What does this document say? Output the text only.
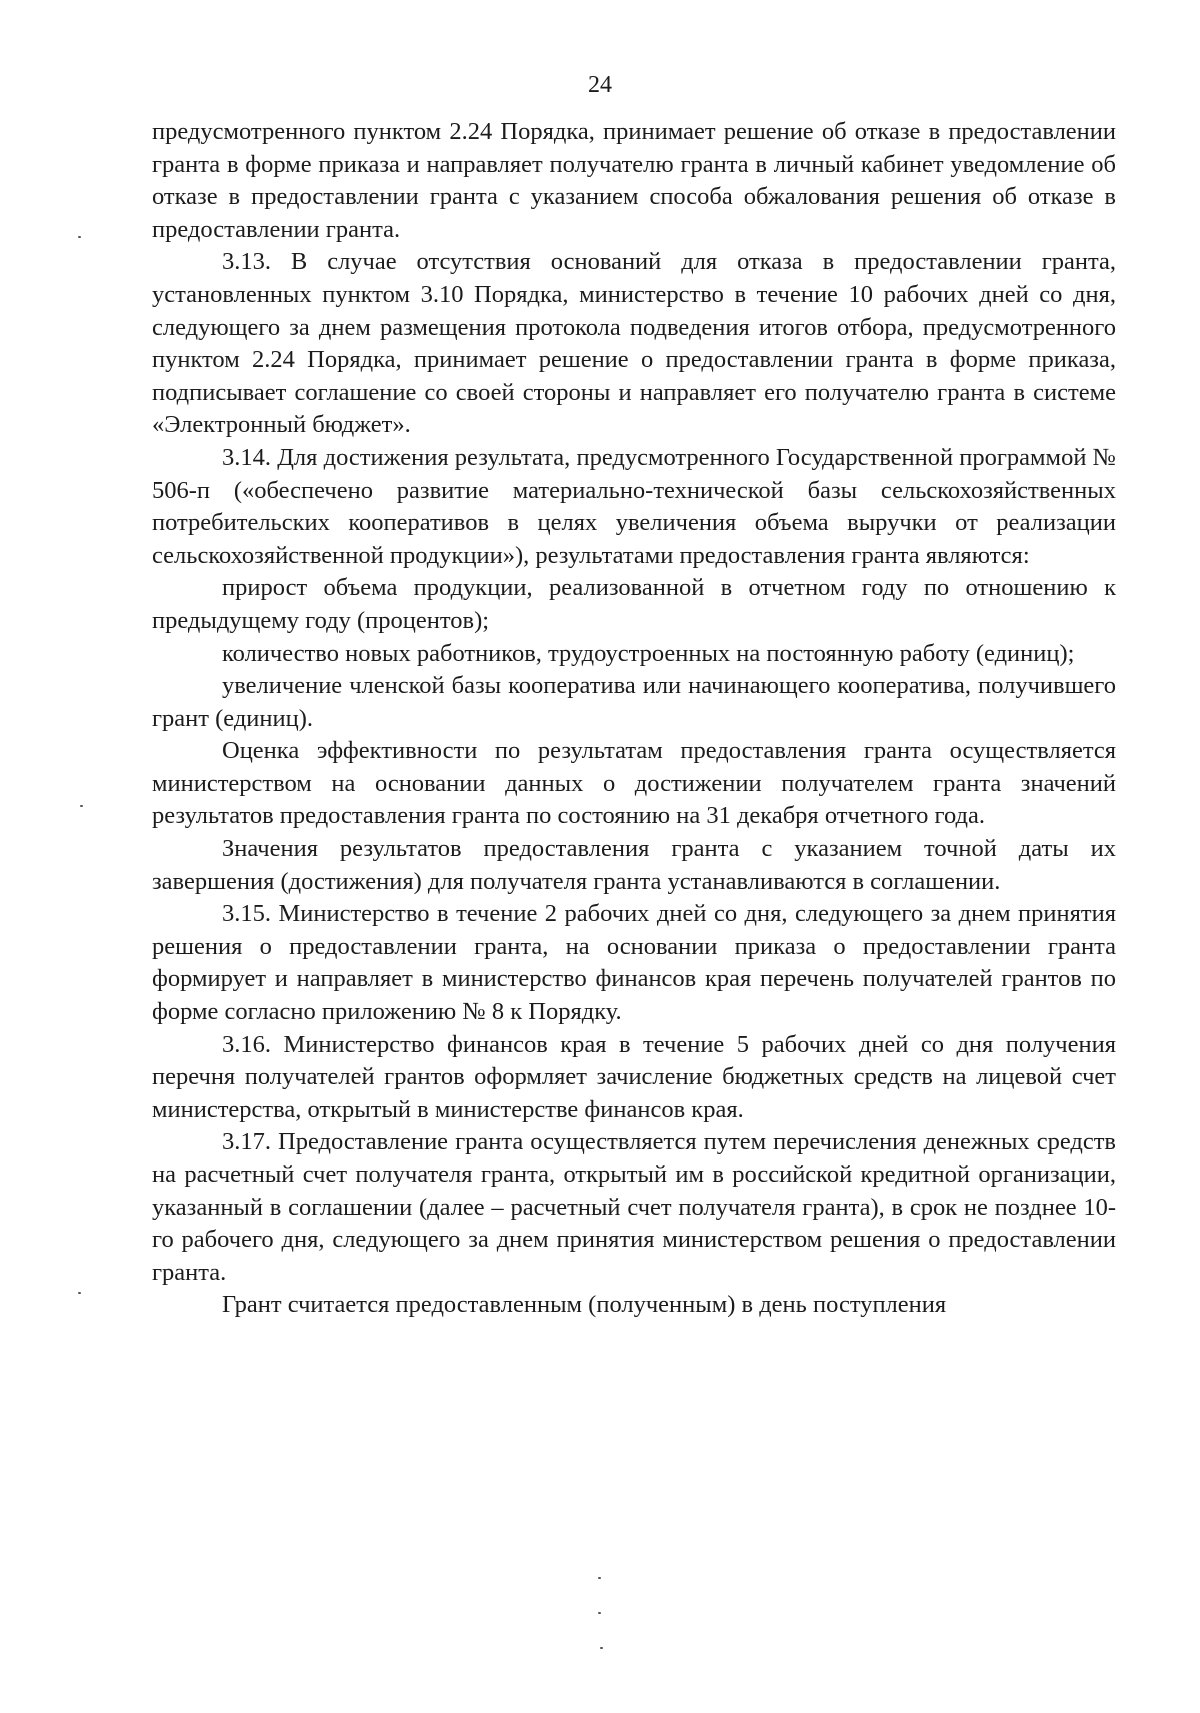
24

предусмотренного пунктом 2.24 Порядка, принимает решение об отказе в предоставлении гранта в форме приказа и направляет получателю гранта в личный кабинет уведомление об отказе в предоставлении гранта с указанием способа обжалования решения об отказе в предоставлении гранта.

3.13. В случае отсутствия оснований для отказа в предоставлении гранта, установленных пунктом 3.10 Порядка, министерство в течение 10 рабочих дней со дня, следующего за днем размещения протокола подведения итогов отбора, предусмотренного пунктом 2.24 Порядка, принимает решение о предоставлении гранта в форме приказа, подписывает соглашение со своей стороны и направляет его получателю гранта в системе «Электронный бюджет».

3.14. Для достижения результата, предусмотренного Государственной программой № 506-п («обеспечено развитие материально-технической базы сельскохозяйственных потребительских кооперативов в целях увеличения объема выручки от реализации сельскохозяйственной продукции»), результатами предоставления гранта являются:

прирост объема продукции, реализованной в отчетном году по отношению к предыдущему году (процентов);

количество новых работников, трудоустроенных на постоянную работу (единиц);

увеличение членской базы кооператива или начинающего кооператива, получившего грант (единиц).

Оценка эффективности по результатам предоставления гранта осуществляется министерством на основании данных о достижении получателем гранта значений результатов предоставления гранта по состоянию на 31 декабря отчетного года.

Значения результатов предоставления гранта с указанием точной даты их завершения (достижения) для получателя гранта устанавливаются в соглашении.

3.15. Министерство в течение 2 рабочих дней со дня, следующего за днем принятия решения о предоставлении гранта, на основании приказа о предоставлении гранта формирует и направляет в министерство финансов края перечень получателей грантов по форме согласно приложению № 8 к Порядку.

3.16. Министерство финансов края в течение 5 рабочих дней со дня получения перечня получателей грантов оформляет зачисление бюджетных средств на лицевой счет министерства, открытый в министерстве финансов края.

3.17. Предоставление гранта осуществляется путем перечисления денежных средств на расчетный счет получателя гранта, открытый им в российской кредитной организации, указанный в соглашении (далее – расчетный счет получателя гранта), в срок не позднее 10-го рабочего дня, следующего за днем принятия министерством решения о предоставлении гранта.

Грант считается предоставленным (полученным) в день поступления
